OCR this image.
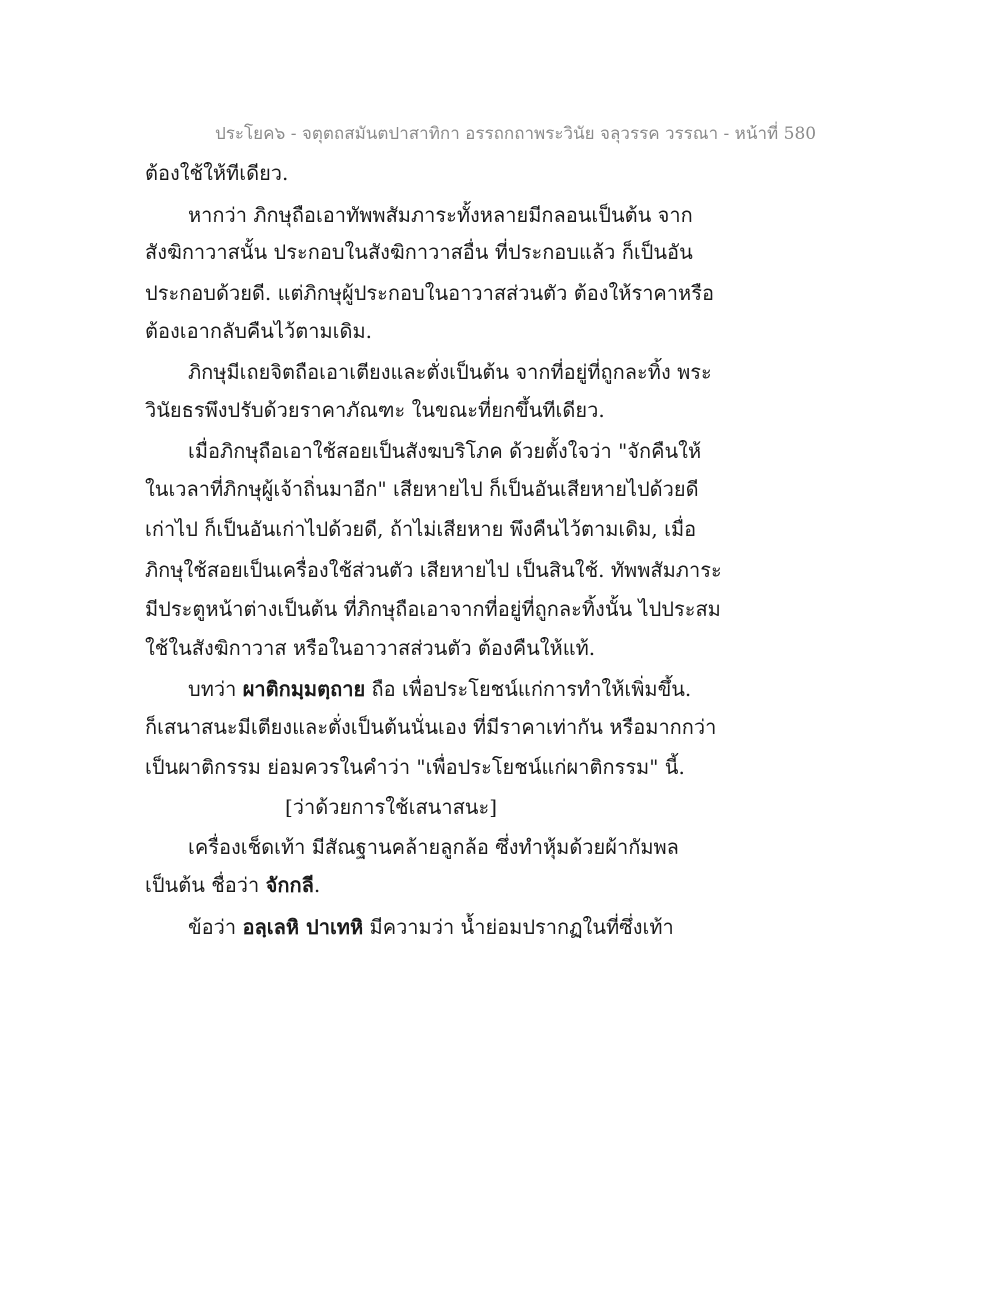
ประโยค๖ - จตุตถสมันตปาสาทิกา อรรถกถาพระวินัย จลุวรรค วรรณา - หน้าที่ 580
ต้องใช้ให้ทีเดียว.
หากว่า ภิกษุถือเอาทัพพสัมภาระทั้งหลายมีกลอนเป็นต้น จาก
สังฆิกาวาสนั้น ประกอบในสังฆิกาวาสอื่น ที่ประกอบแล้ว ก็เป็นอัน
ประกอบด้วยดี. แต่ภิกษุผู้ประกอบในอาวาสส่วนตัว ต้องให้ราคาหรือ
ต้องเอากลับคืนไว้ตามเดิม.
ภิกษุมีเถยจิตถือเอาเตียงและตั่งเป็นต้น จากที่อยู่ที่ถูกละทิ้ง พระ
วินัยธรพึงปรับด้วยราคาภัณฑะ ในขณะที่ยกขึ้นทีเดียว.
เมื่อภิกษุถือเอาใช้สอยเป็นสังฆบริโภค ด้วยตั้งใจว่า "จักคืนให้
ในเวลาที่ภิกษุผู้เจ้าถิ่นมาอีก" เสียหายไป ก็เป็นอันเสียหายไปด้วยดี
เก่าไป ก็เป็นอันเก่าไปด้วยดี, ถ้าไม่เสียหาย พึงคืนไว้ตามเดิม, เมื่อ
ภิกษุใช้สอยเป็นเครื่องใช้ส่วนตัว เสียหายไป เป็นสินใช้. ทัพพสัมภาระ
มีประตูหน้าต่างเป็นต้น ที่ภิกษุถือเอาจากที่อยู่ที่ถูกละทิ้งนั้น ไปประสม
ใช้ในสังฆิกาวาส หรือในอาวาสส่วนตัว ต้องคืนให้แท้.
บทว่า ผาติกมฺมตฺถาย ถือ เพื่อประโยชน์แก่การทำให้เพิ่มขึ้น.
ก็เสนาสนะมีเตียงและตั่งเป็นต้นนั่นเอง ที่มีราคาเท่ากัน หรือมากกว่า
เป็นผาติกรรม ย่อมควรในคำว่า "เพื่อประโยชน์แก่ผาติกรรม" นี้.
[ว่าด้วยการใช้เสนาสนะ]
เครื่องเช็ดเท้า มีสัณฐานคล้ายลูกล้อ ซึ่งทำหุ้มด้วยผ้ากัมพล
เป็นต้น ชื่อว่า จักกลี.
ข้อว่า อลฺเลหิ ปาเทหิ มีความว่า น้ำย่อมปรากฏในที่ซึ่งเท้า
